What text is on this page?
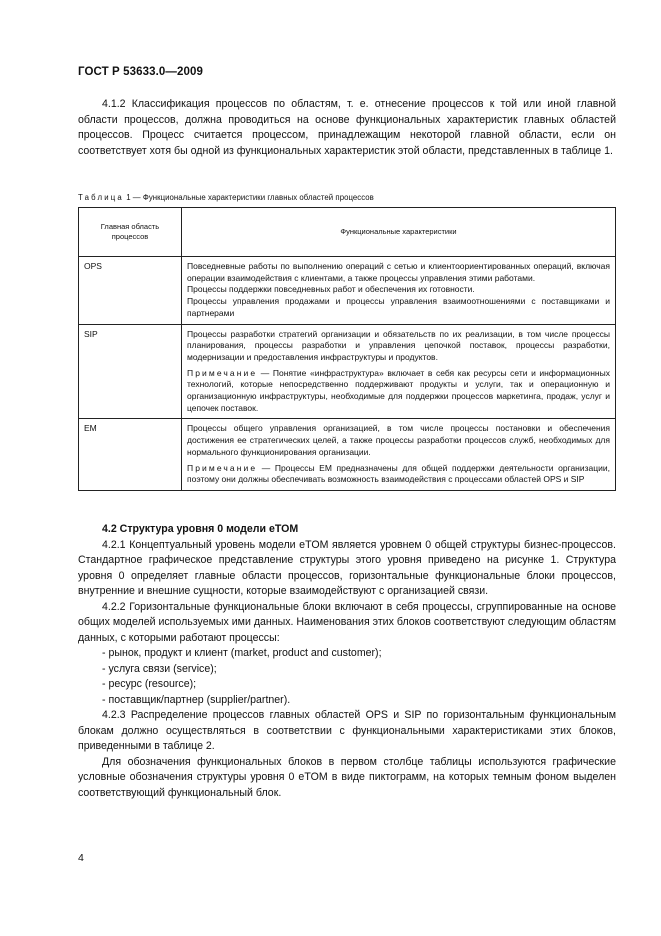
ГОСТ Р 53633.0—2009
4.1.2 Классификация процессов по областям, т. е. отнесение процессов к той или иной главной области процессов, должна проводиться на основе функциональных характеристик главных областей процессов. Процесс считается процессом, принадлежащим некоторой главной области, если он соответствует хотя бы одной из функциональных характеристик этой области, представленных в таблице 1.
Таблица 1 — Функциональные характеристики главных областей процессов
Главная область процессов	Функциональные характеристики
OPS	Повседневные работы по выполнению операций с сетью и клиентоориентированных операций, включая операции взаимодействия с клиентами, а также процессы управления этими работами.

Процессы поддержки повседневных работ и обеспечения их готовности.

Процессы управления продажами и процессы управления взаимоотношениями с поставщиками и партнерами

SIP	Процессы разработки стратегий организации и обязательств по их реализации, в том числе процессы планирования, процессы разработки и управления цепочкой поставок, процессы разработки, модернизации и предоставления инфраструктуры и продуктов.

Примечание — Понятие «инфраструктура» включает в себя как ресурсы сети и информационных технологий, которые непосредственно поддерживают продукты и услуги, так и операционную и организационную инфраструктуры, необходимые для поддержки процессов маркетинга, продаж, услуг и цепочек поставок.

EM	Процессы общего управления организацией, в том числе процессы постановки и обеспечения достижения ее стратегических целей, а также процессы разработки процессов служб, необходимых для нормального функционирования организации.

Примечание — Процессы EM предназначены для общей поддержки деятельности организации, поэтому они должны обеспечивать возможность взаимодействия с процессами областей OPS и SIP

4.2 Структура уровня 0 модели eTOM

4.2.1 Концептуальный уровень модели eTOM является уровнем 0 общей структуры бизнес-процессов. Стандартное графическое представление структуры этого уровня приведено на рисунке 1. Структура уровня 0 определяет главные области процессов, горизонтальные функциональные блоки процессов, внутренние и внешние сущности, которые взаимодействуют с организацией связи.

4.2.2 Горизонтальные функциональные блоки включают в себя процессы, сгруппированные на основе общих моделей используемых ими данных. Наименования этих блоков соответствуют следующим областям данных, с которыми работают процессы:

- рынок, продукт и клиент (market, product and customer);

- услуга связи (service);

- ресурс (resource);

- поставщик/партнер (supplier/partner).

4.2.3 Распределение процессов главных областей OPS и SIP по горизонтальным функциональным блокам должно осуществляться в соответствии с функциональными характеристиками этих блоков, приведенными в таблице 2.

Для обозначения функциональных блоков в первом столбце таблицы используются графические условные обозначения структуры уровня 0 eTOM в виде пиктограмм, на которых темным фоном выделен соответствующий функциональный блок.

4
